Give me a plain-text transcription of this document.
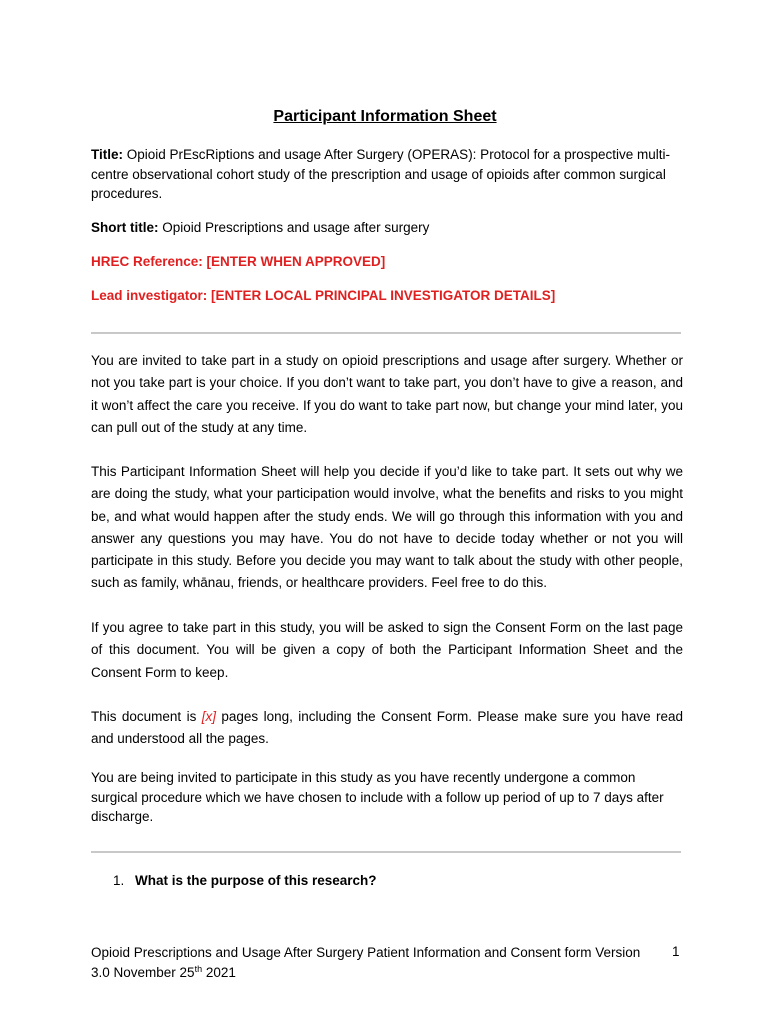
Participant Information Sheet
Title: Opioid PrEscRiptions and usage After Surgery (OPERAS): Protocol for a prospective multi-centre observational cohort study of the prescription and usage of opioids after common surgical procedures.
Short title: Opioid Prescriptions and usage after surgery
HREC Reference: [ENTER WHEN APPROVED]
Lead investigator: [ENTER LOCAL PRINCIPAL INVESTIGATOR DETAILS]
You are invited to take part in a study on opioid prescriptions and usage after surgery. Whether or not you take part is your choice. If you don’t want to take part, you don’t have to give a reason, and it won’t affect the care you receive. If you do want to take part now, but change your mind later, you can pull out of the study at any time.
This Participant Information Sheet will help you decide if you’d like to take part. It sets out why we are doing the study, what your participation would involve, what the benefits and risks to you might be, and what would happen after the study ends. We will go through this information with you and answer any questions you may have. You do not have to decide today whether or not you will participate in this study. Before you decide you may want to talk about the study with other people, such as family, whānau, friends, or healthcare providers. Feel free to do this.
If you agree to take part in this study, you will be asked to sign the Consent Form on the last page of this document. You will be given a copy of both the Participant Information Sheet and the Consent Form to keep.
This document is [x] pages long, including the Consent Form. Please make sure you have read and understood all the pages.
You are being invited to participate in this study as you have recently undergone a common surgical procedure which we have chosen to include with a follow up period of up to 7 days after discharge.
1. What is the purpose of this research?
Opioid Prescriptions and Usage After Surgery Patient Information and Consent form Version 3.0 November 25th 2021
1
